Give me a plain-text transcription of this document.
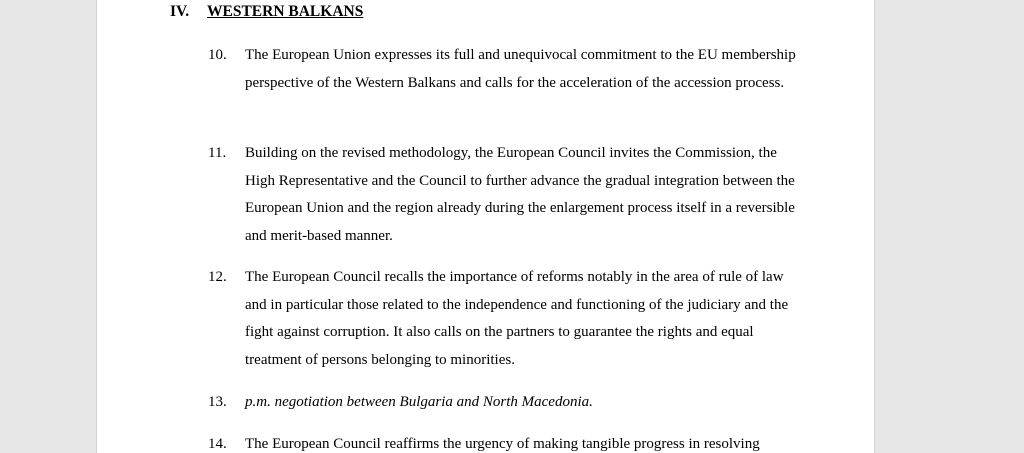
IV. WESTERN BALKANS
10. The European Union expresses its full and unequivocal commitment to the EU membership perspective of the Western Balkans and calls for the acceleration of the accession process.
11. Building on the revised methodology, the European Council invites the Commission, the High Representative and the Council to further advance the gradual integration between the European Union and the region already during the enlargement process itself in a reversible and merit-based manner.
12. The European Council recalls the importance of reforms notably in the area of rule of law and in particular those related to the independence and functioning of the judiciary and the fight against corruption. It also calls on the partners to guarantee the rights and equal treatment of persons belonging to minorities.
13. p.m. negotiation between Bulgaria and North Macedonia.
14. The European Council reaffirms the urgency of making tangible progress in resolving
